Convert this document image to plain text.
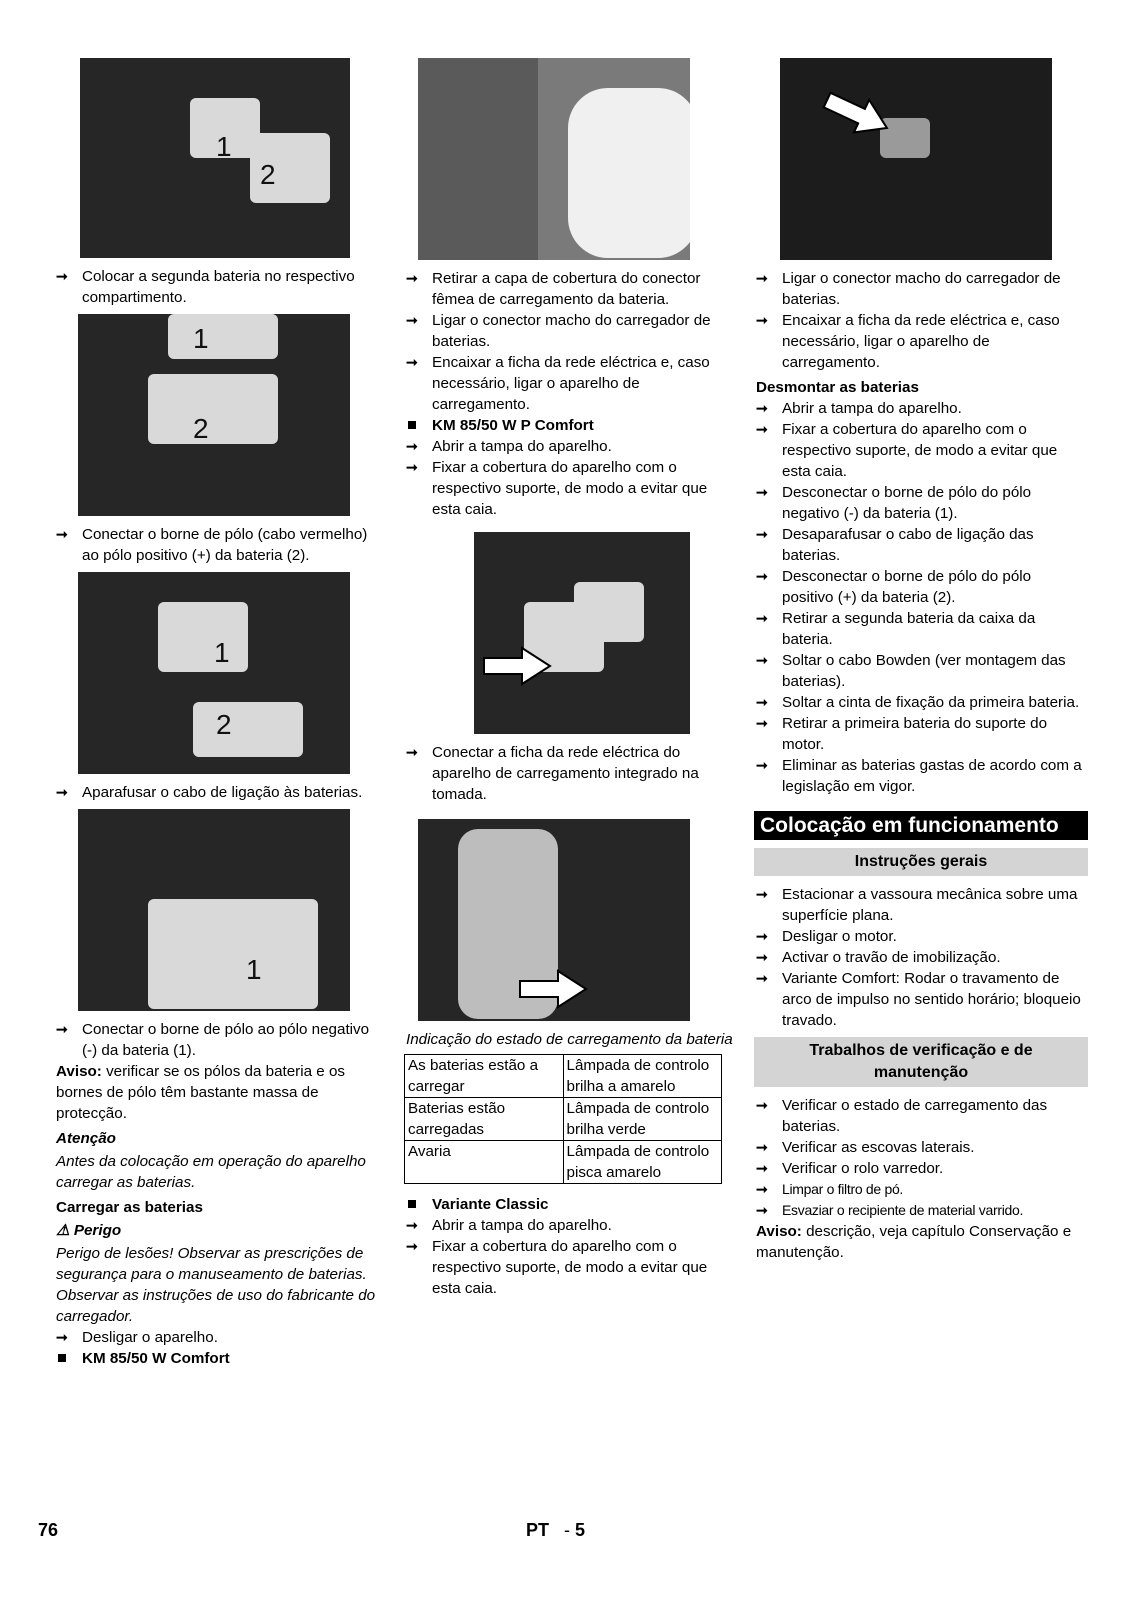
1
2
➞ Colocar a segunda bateria no respectivo compartimento.
1
2
➞ Conectar o borne de pólo (cabo vermelho) ao pólo positivo (+) da bateria (2).
1
2
➞ Aparafusar o cabo de ligação às baterias.
1
➞ Conectar o borne de pólo ao pólo negativo (-) da bateria (1).
Aviso: verificar se os pólos da bateria e os bornes de pólo têm bastante massa de protecção.
Atenção
Antes da colocação em operação do aparelho carregar as baterias.
Carregar as baterias
⚠ Perigo
Perigo de lesões! Observar as prescrições de segurança para o manuseamento de baterias. Observar as instruções de uso do fabricante do carregador.
➞ Desligar o aparelho.
KM 85/50 W Comfort
➞ Retirar a capa de cobertura do conector fêmea de carregamento da bateria.
➞ Ligar o conector macho do carregador de baterias.
➞ Encaixar a ficha da rede eléctrica e, caso necessário, ligar o aparelho de carregamento.
KM 85/50 W P Comfort
➞ Abrir a tampa do aparelho.
➞ Fixar a cobertura do aparelho com o respectivo suporte, de modo a evitar que esta caia.
➞ Conectar a ficha da rede eléctrica do aparelho de carregamento integrado na tomada.
Indicação do estado de carregamento da bateria
As baterias estão a carregar	Lâmpada de controlo brilha a amarelo
Baterias estão carregadas	Lâmpada de controlo brilha verde
Avaria	Lâmpada de controlo pisca amarelo
Variante Classic
➞ Abrir a tampa do aparelho.
➞ Fixar a cobertura do aparelho com o respectivo suporte, de modo a evitar que esta caia.
➞ Ligar o conector macho do carregador de baterias.
➞ Encaixar a ficha da rede eléctrica e, caso necessário, ligar o aparelho de carregamento.
Desmontar as baterias
➞ Abrir a tampa do aparelho.
➞ Fixar a cobertura do aparelho com o respectivo suporte, de modo a evitar que esta caia.
➞ Desconectar o borne de pólo do pólo negativo (-) da bateria (1).
➞ Desaparafusar o cabo de ligação das baterias.
➞ Desconectar o borne de pólo do pólo positivo (+) da bateria (2).
➞ Retirar a segunda bateria da caixa da bateria.
➞ Soltar o cabo Bowden (ver montagem das baterias).
➞ Soltar a cinta de fixação da primeira bateria.
➞ Retirar a primeira bateria do suporte do motor.
➞ Eliminar as baterias gastas de acordo com a legislação em vigor.
Colocação em funcionamento
Instruções gerais
➞ Estacionar a vassoura mecânica sobre uma superfície plana.
➞ Desligar o motor.
➞ Activar o travão de imobilização.
➞ Variante Comfort: Rodar o travamento de arco de impulso no sentido horário; bloqueio travado.
Trabalhos de verificação e de manutenção
➞ Verificar o estado de carregamento das baterias.
➞ Verificar as escovas laterais.
➞ Verificar o rolo varredor.
➞ Limpar o filtro de pó.
➞ Esvaziar o recipiente de material varrido.
Aviso: descrição, veja capítulo Conservação e manutenção.
76	PT - 5
